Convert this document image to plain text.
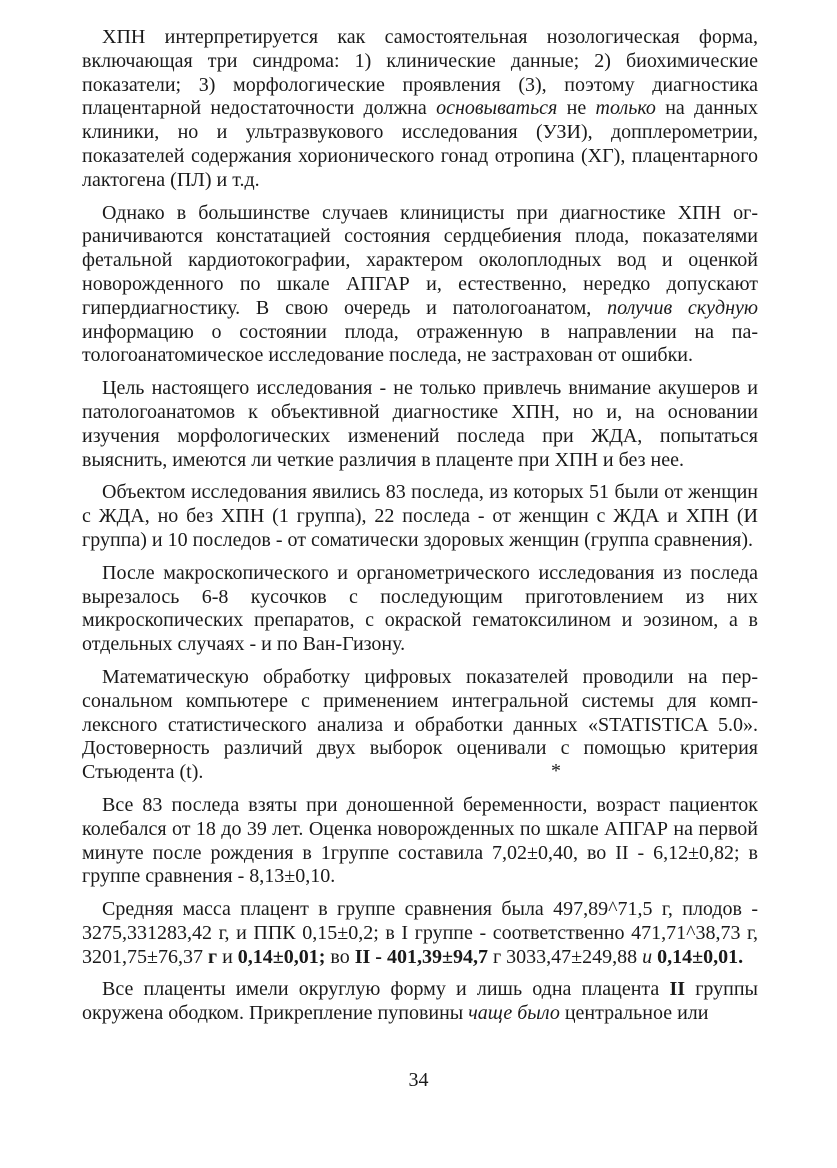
ХПН интерпретируется как самостоятельная нозологическая форма, включающая три синдрома: 1) клинические данные; 2) биохимические показатели; 3) морфологические проявления (3), поэтому диагностика плацентарной недостаточности должна основываться не только на данных клиники, но и ультразвукового исследования (УЗИ), допплерометрии, показателей содержания хорионического гонад отропина (ХГ), плацентарного лактогена (ПЛ) и т.д.

Однако в большинстве случаев клиницисты при диагностике ХПН ограничиваются констатацией состояния сердцебиения плода, показателями фетальной кардиотокографии, характером околоплодных вод и оценкой новорожденного по шкале АПГАР и, естественно, нередко допускают гипердиагностику. В свою очередь и патологоанатом, получив скудную информацию о состоянии плода, отраженную в направлении на патологоанатомическое исследование последа, не застрахован от ошибки.

Цель настоящего исследования - не только привлечь внимание акушеров и патологоанатомов к объективной диагностике ХПН, но и, на основании изучения морфологических изменений последа при ЖДА, попытаться выяснить, имеются ли четкие различия в плаценте при ХПН и без нее.

Объектом исследования явились 83 последа, из которых 51 были от женщин с ЖДА, но без ХПН (1 группа), 22 последа - от женщин с ЖДА и ХПН (И группа) и 10 последов - от соматически здоровых женщин (группа сравнения).

После макроскопического и органометрического исследования из последа вырезалось 6-8 кусочков с последующим приготовлением из них микроскопических препаратов, с окраской гематоксилином и эозином, а в отдельных случаях - и по Ван-Гизону.

Математическую обработку цифровых показателей проводили на персональном компьютере с применением интегральной системы для комплексного статистического анализа и обработки данных «STATISTICA 5.0». Достоверность различий двух выборок оценивали с помощью критерия Стьюдента (t).

Все 83 последа взяты при доношенной беременности, возраст пациенток колебался от 18 до 39 лет. Оценка новорожденных по шкале АПГАР на первой минуте после рождения в 1группе составила 7,02±0,40, во II - 6,12±0,82; в группе сравнения - 8,13±0,10.

Средняя масса плацент в группе сравнения была 497,89^71,5 г, плодов - 3275,331283,42 г, и ППК 0,15±0,2; в I группе - соответственно 471,71^38,73 г, 3201,75±76,37 г и 0,14±0,01; во II - 401,39±94,7 г 3033,47±249,88 и 0,14±0,01.

Все плаценты имели округлую форму и лишь одна плацента II группы окружена ободком. Прикрепление пуповины чаще было центральное или

*
34
